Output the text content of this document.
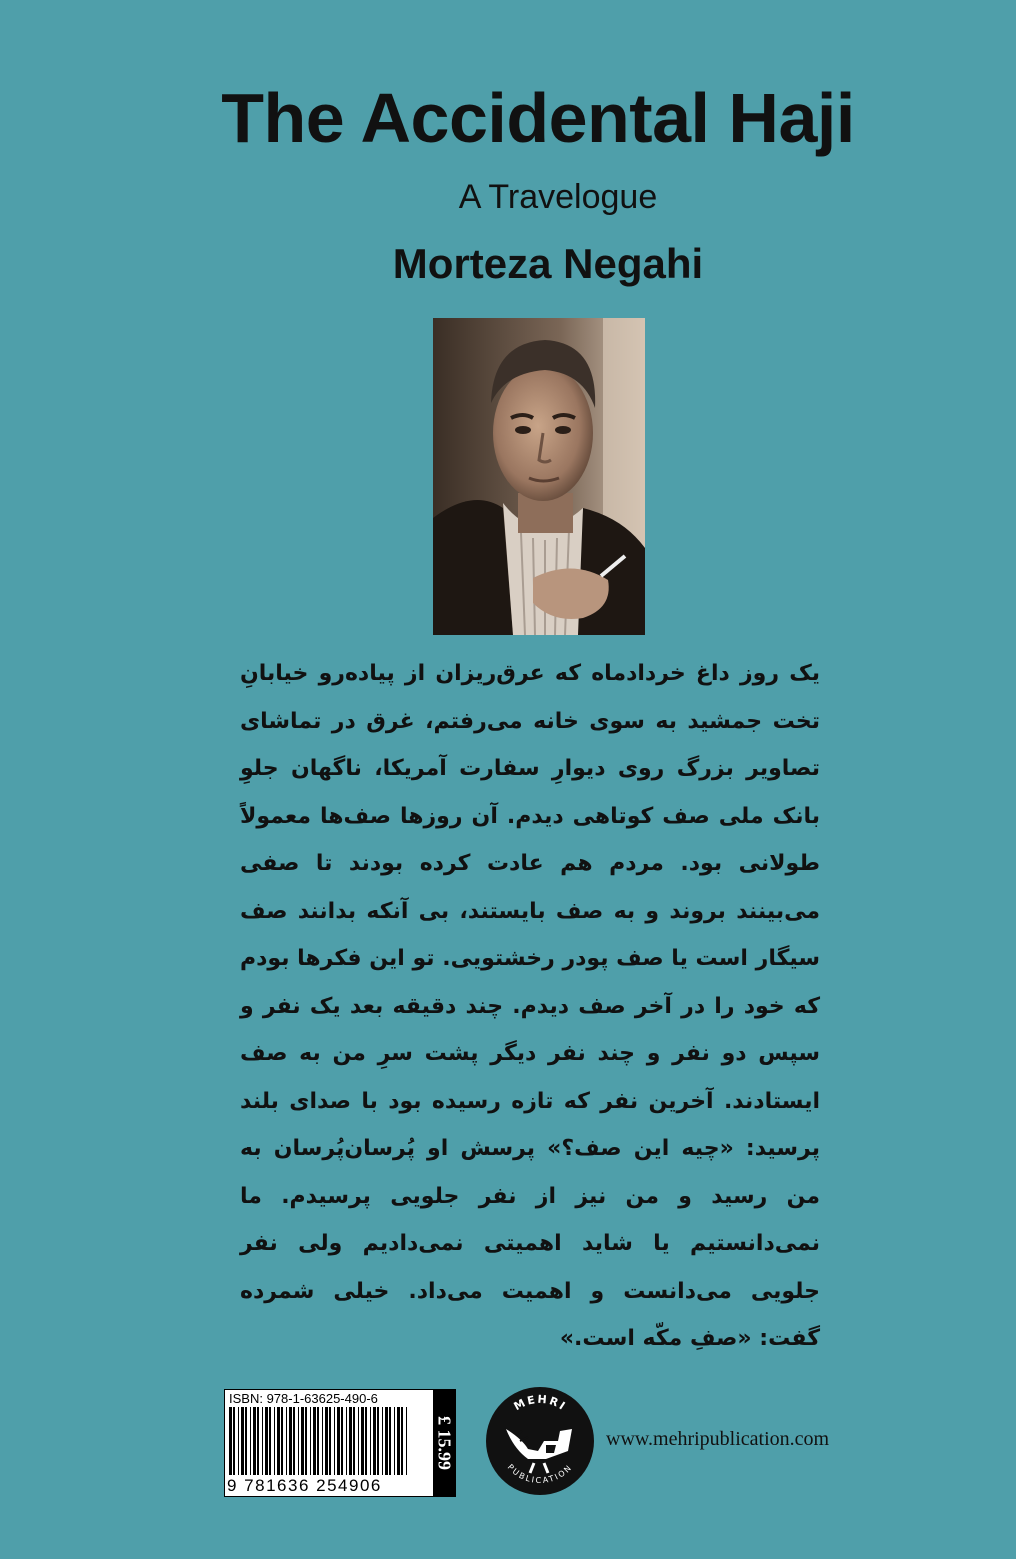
The Accidental Haji
A Travelogue
Morteza Negahi
یک روز داغ خردادماه که عرق‌ریزان از پیاده‌رو خیابانِ تخت جمشید به سوی خانه می‌رفتم، غرق در تماشای تصاویر بزرگ روی دیوارِ سفارت آمریکا، ناگهان جلوِ بانک ملی صف کوتاهی دیدم. آن روزها صف‌ها معمولاً طولانی بود. مردم هم عادت کرده بودند تا صفی می‌بینند بروند و به صف بایستند، بی آنکه بدانند صف سیگار است یا صف پودر رخشتویی. تو این فکرها بودم که خود را در آخر صف دیدم. چند دقیقه بعد یک نفر و سپس دو نفر و چند نفر دیگر پشت سرِ من به صف ایستادند. آخرین نفر که تازه رسیده بود با صدای بلند پرسید: «چیه این صف؟» پرسش او پُرسان‌پُرسان به من رسید و من نیز از نفر جلویی پرسیدم. ما نمی‌دانستیم یا شاید اهمیتی نمی‌دادیم ولی نفر جلویی می‌دانست و اهمیت می‌داد. خیلی شمرده گفت: «صفِ مکّه است.»
ISBN: 978-1-63625-490-6
9 781636 254906
£ 15.99
MEHRI
PUBLICATION
www.mehripublication.com
